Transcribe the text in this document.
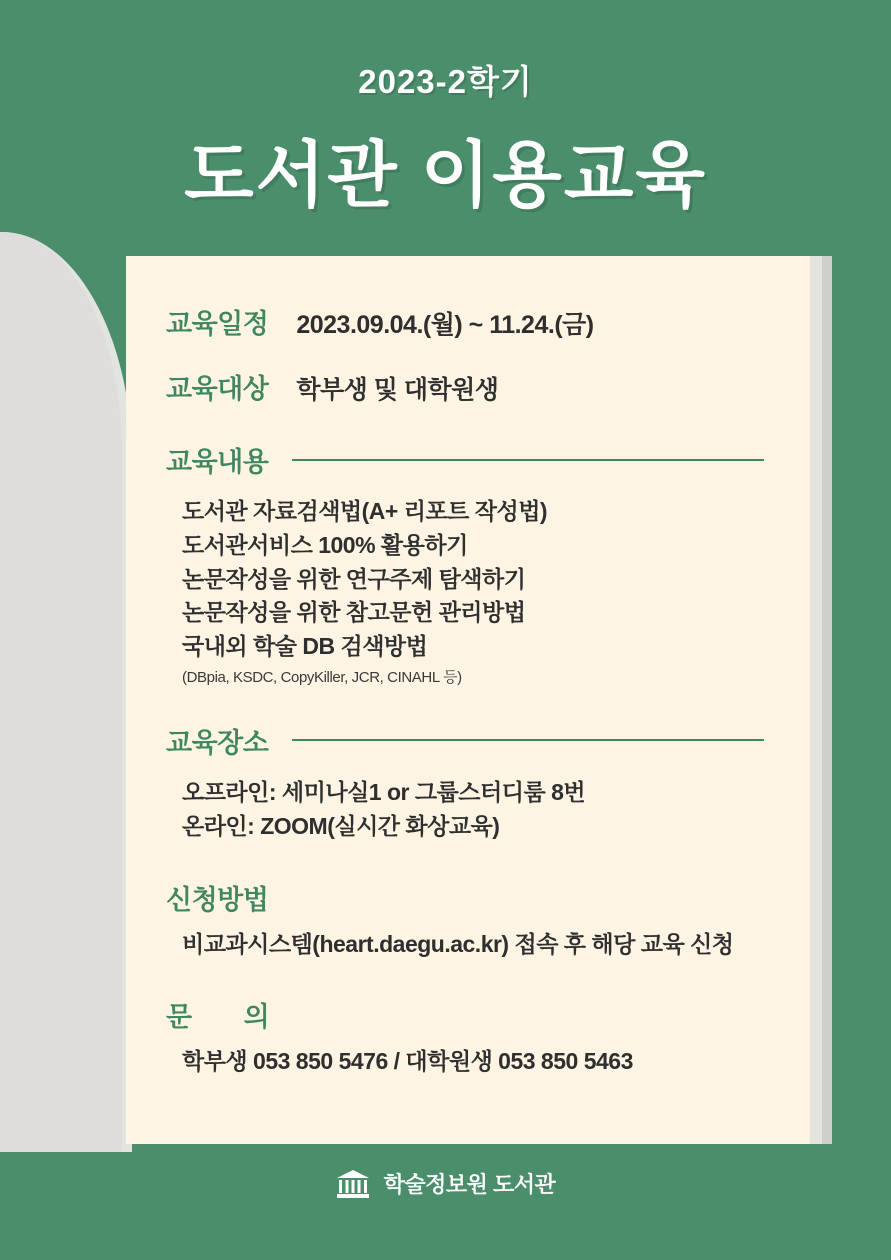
2023-2학기
도서관 이용교육
교육일정 2023.09.04.(월) ~ 11.24.(금)
교육대상 학부생 및 대학원생
교육내용
도서관 자료검색법(A+ 리포트 작성법)
도서관서비스 100% 활용하기
논문작성을 위한 연구주제 탐색하기
논문작성을 위한 참고문헌 관리방법
국내외 학술 DB 검색방법
(DBpia, KSDC, CopyKiller, JCR, CINAHL 등)
교육장소
오프라인: 세미나실1 or 그룹스터디룸 8번
온라인: ZOOM(실시간 화상교육)
신청방법
비교과시스템(heart.daegu.ac.kr) 접속 후 해당 교육 신청
문 의
학부생 053 850 5476 / 대학원생 053 850 5463
학술정보원 도서관
